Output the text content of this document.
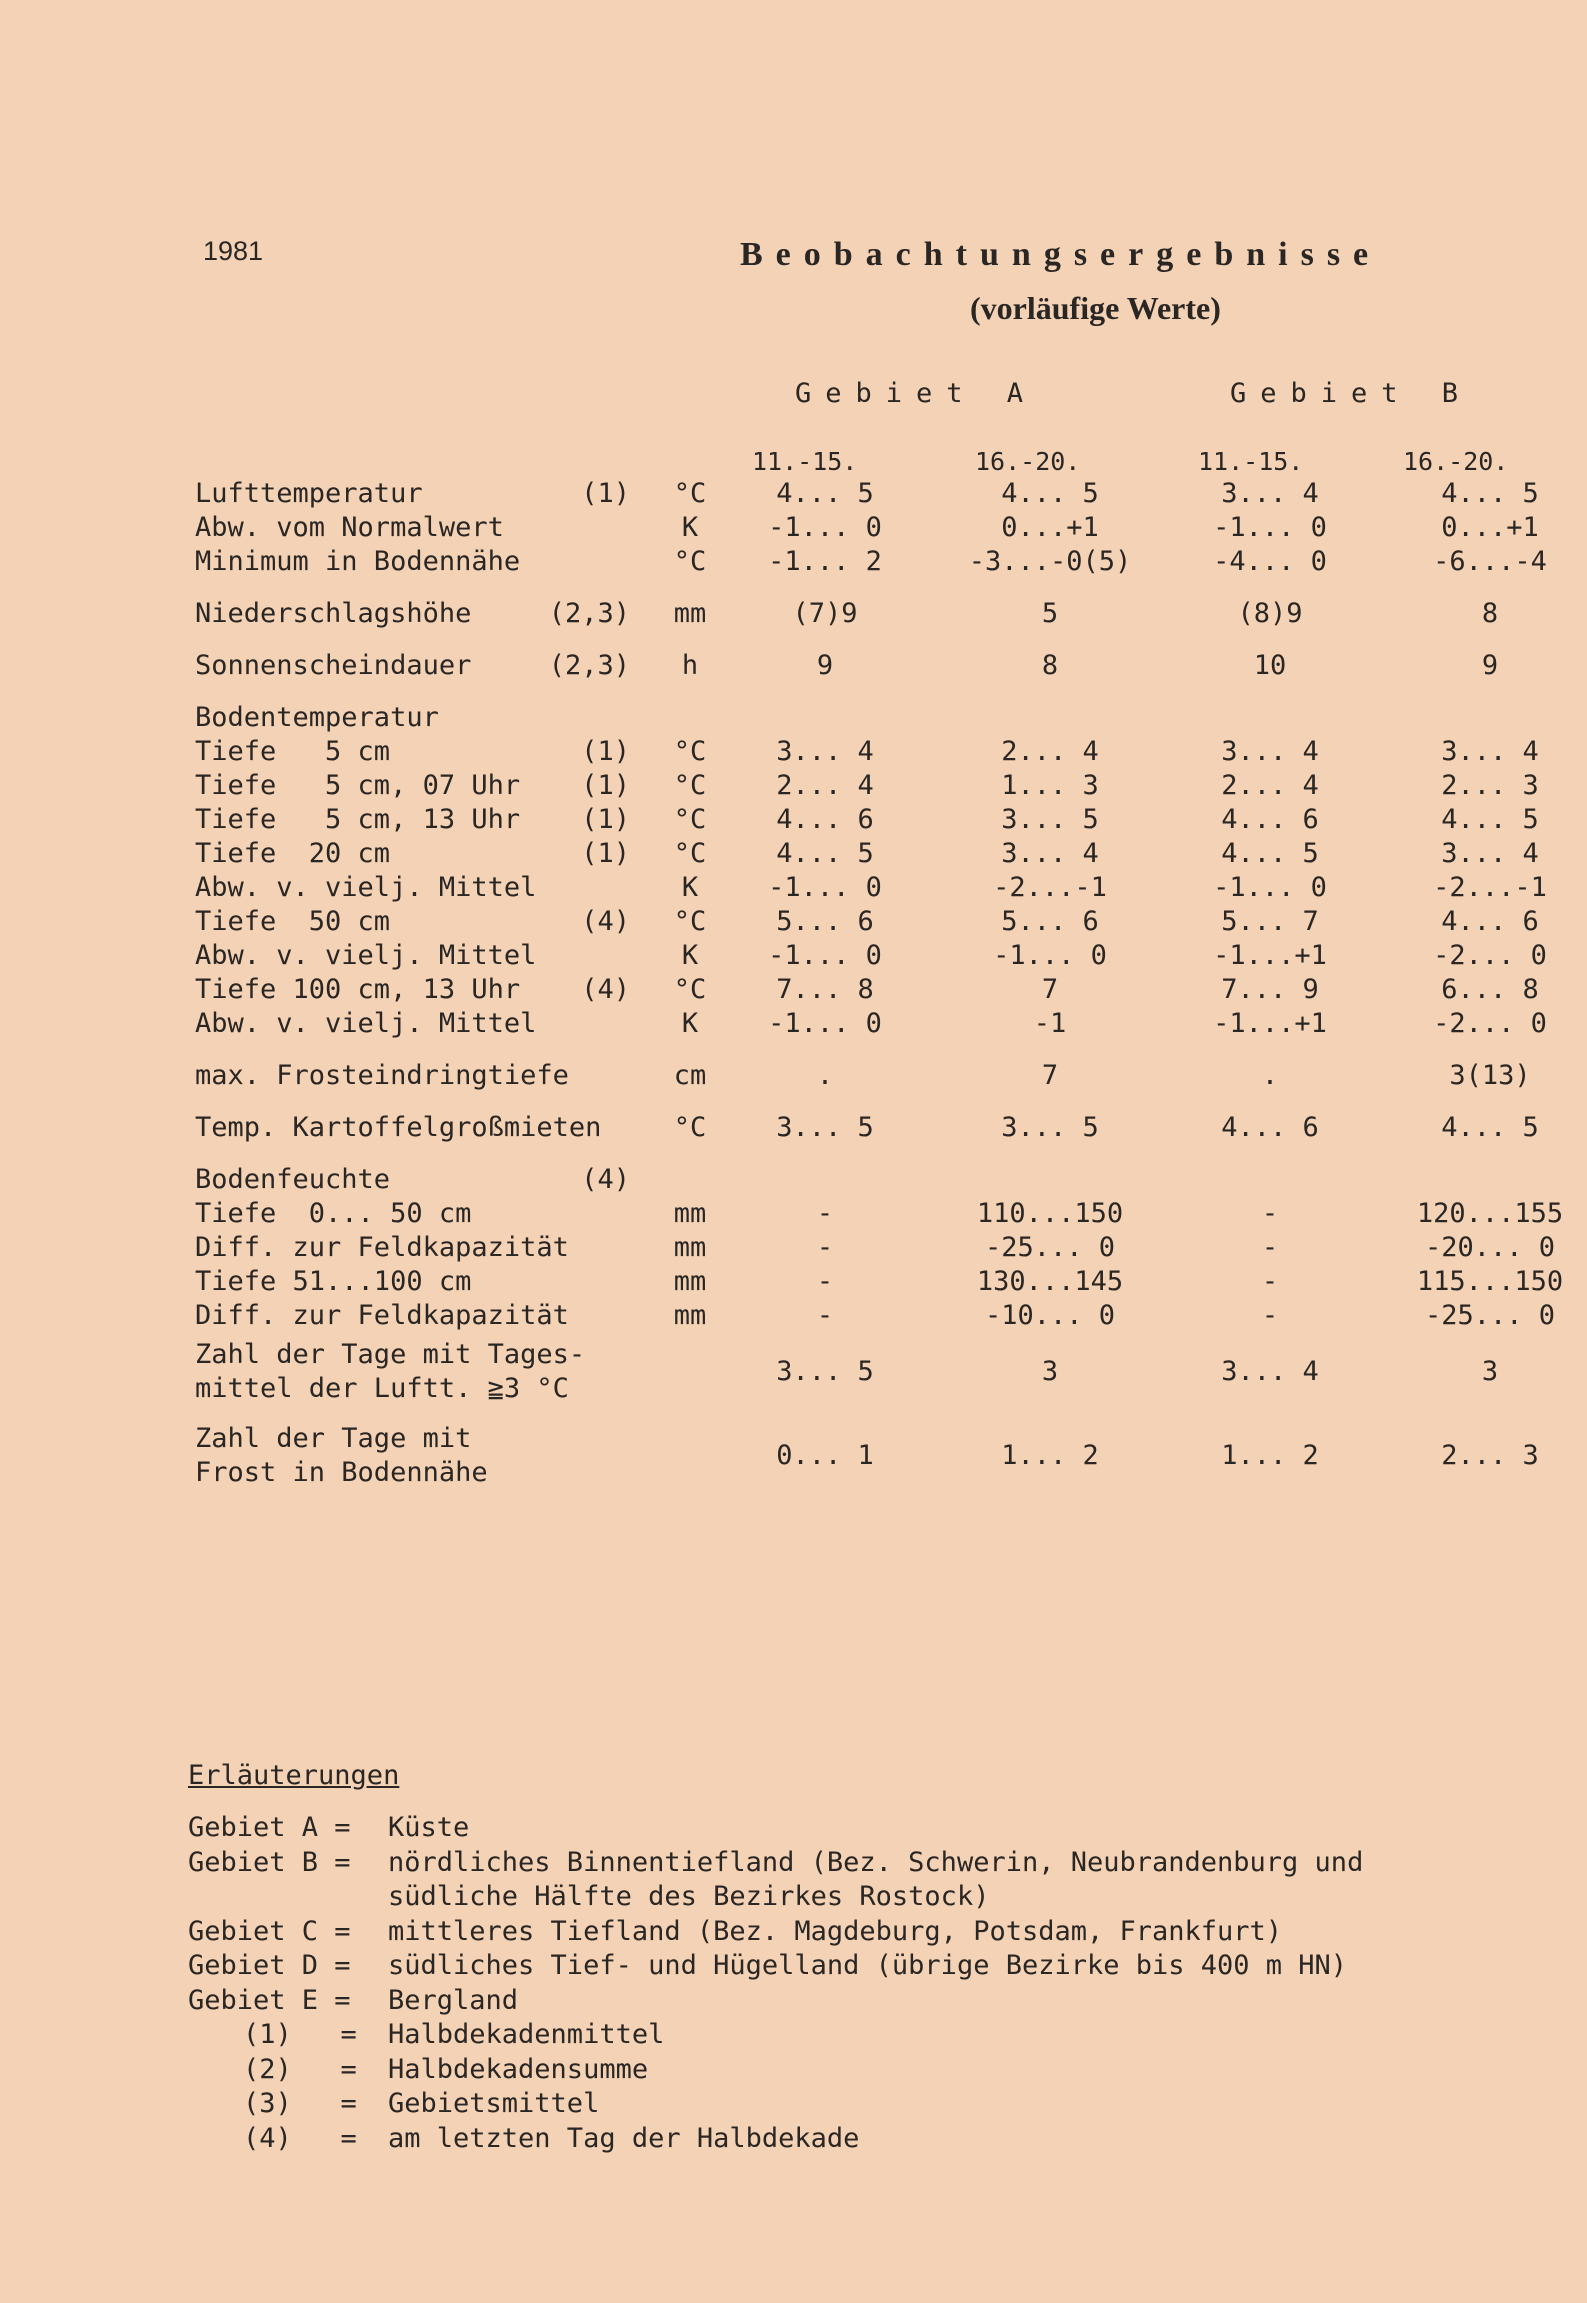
1981	Beobachtungsergebnisse
(vorläufige Werte)
Gebiet A	Gebiet B
11.-15.	16.-20.	11.-15.	16.-20.
Lufttemperatur	(1)	°C	4... 5	4... 5	3... 4	4... 5
Abw. vom Normalwert	K	-1... 0	0...+1	-1... 0	0...+1
Minimum in Bodennähe	°C	-1... 2	-3...-0(5)	-4... 0	-6...-4
Niederschlagshöhe	(2,3)	mm	(7)9	5	(8)9	8
Sonnenscheindauer	(2,3)	h	9	8	10	9
Bodentemperatur
Tiefe   5 cm	(1)	°C	3... 4	2... 4	3... 4	3... 4
Tiefe   5 cm, 07 Uhr	(1)	°C	2... 4	1... 3	2... 4	2... 3
Tiefe   5 cm, 13 Uhr	(1)	°C	4... 6	3... 5	4... 6	4... 5
Tiefe  20 cm	(1)	°C	4... 5	3... 4	4... 5	3... 4
Abw. v. vielj. Mittel	K	-1... 0	-2...-1	-1... 0	-2...-1
Tiefe  50 cm	(4)	°C	5... 6	5... 6	5... 7	4... 6
Abw. v. vielj. Mittel	K	-1... 0	-1... 0	-1...+1	-2... 0
Tiefe 100 cm, 13 Uhr	(4)	°C	7... 8	7	7... 9	6... 8
Abw. v. vielj. Mittel	K	-1... 0	-1	-1...+1	-2... 0
max. Frosteindringtiefe	cm	.	7	.	3(13)
Temp. Kartoffelgroßmieten	°C	3... 5	3... 5	4... 6	4... 5
Bodenfeuchte	(4)
Tiefe  0... 50 cm	mm	-	110...150	-	120...155
Diff. zur Feldkapazität	mm	-	-25... 0	-	-20... 0
Tiefe 51...100 cm	mm	-	130...145	-	115...150
Diff. zur Feldkapazität	mm	-	-10... 0	-	-25... 0
Zahl der Tage mit Tages-
mittel der Luftt. ≧3 °C
3... 5	3	3... 4	3
Zahl der Tage mit
Frost in Bodennähe
0... 1	1... 2	1... 2	2... 3
Erläuterungen
Gebiet A = Küste
Gebiet B = nördliches Binnentiefland (Bez. Schwerin, Neubrandenburg und
südliche Hälfte des Bezirkes Rostock)
Gebiet C = mittleres Tiefland (Bez. Magdeburg, Potsdam, Frankfurt)
Gebiet D = südliches Tief- und Hügelland (übrige Bezirke bis 400 m HN)
Gebiet E = Bergland
(1)   = Halbdekadenmittel
(2)   = Halbdekadensumme
(3)   = Gebietsmittel
(4)   = am letzten Tag der Halbdekade
